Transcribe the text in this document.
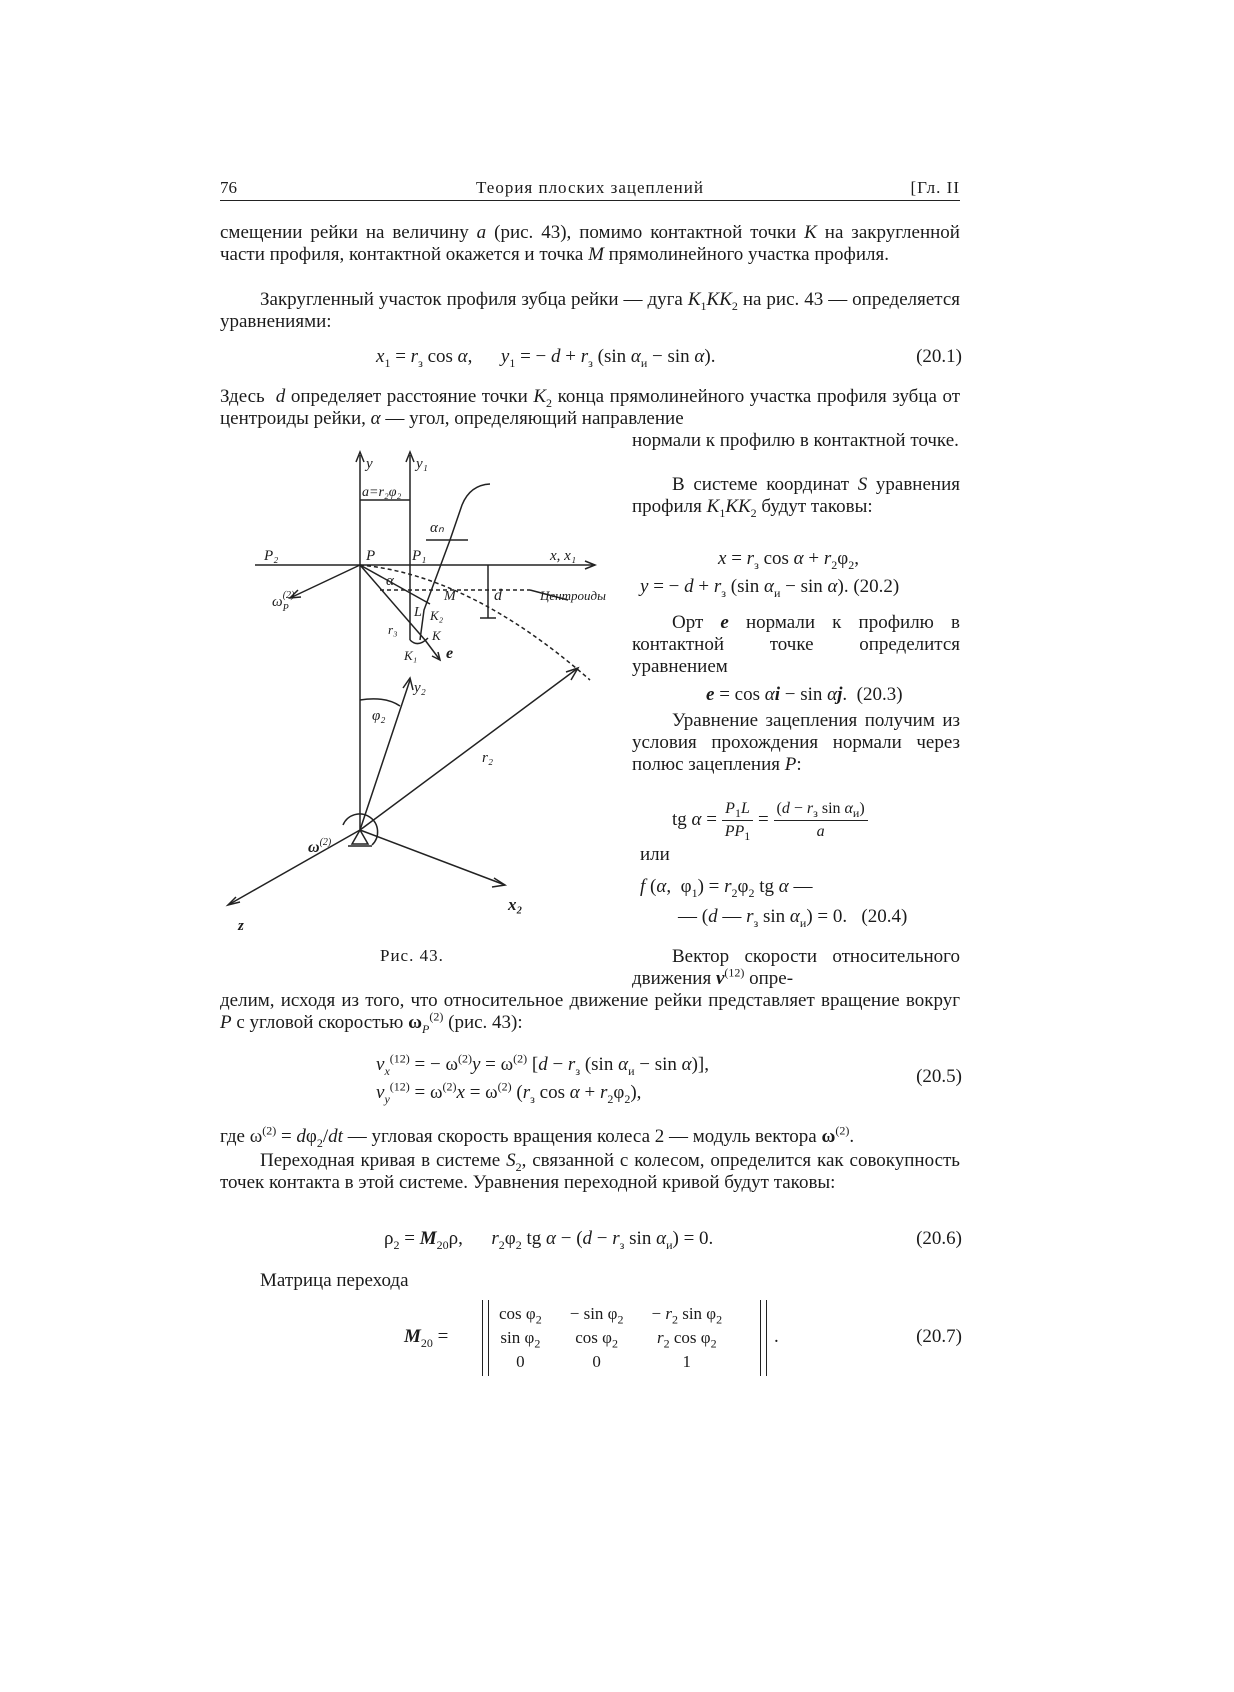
76	Теория плоских зацеплений	[Гл. II
смещении рейки на величину a (рис. 43), помимо контактной точки K на закругленной части профиля, контактной окажется и точка M прямолинейного участка профиля.
Закругленный участок профиля зубца рейки — дуга $K_1KK_2$ на рис. 43 — определяется уравнениями:
$x_1 = r_з$ cos α,      $y_1$ = − $d + r_з$ (sin $\alpha_и - \sin \alpha$).	(20.1)
Здесь  d определяет расстояние точки $K_2$ конца прямолинейного участка профиля зубца от центроиды рейки, α — угол, определяющий направление
нормали к профилю в контактной точке.
В системе координат S уравнения профиля $K_1KK_2$ будут таковы:
$x = r_з$ $\cos \alpha + r_2\varphi_2$,
y = − $d + r_з$ (sin $\alpha_и - \sin \alpha$). (20.2)
Орт e нормали к профилю в контактной точке определится уравнением
e = cos αi − sin αj.  (20.3)
Уравнение зацепления получим из условия прохождения нормали через полюс зацепления P:
tg $\alpha = \frac{P_1L}{PP_1} = \frac{(d - r_з \sin \alpha_и)}{a}$
или
f (α,  $\varphi_1) = r_2\varphi_2$ tg α —
— (d — $r_з$ $\sin \alpha_и) = 0$.   (20.4)
Рис. 43.	Вектор скорости относительного движения $v^{(12)}$ опре-
делим, исходя из того, что относительное движение рейки представляет вращение вокруг P с угловой скоростью $\omega_P^{(2)}$ (рис. 43):
$v_x^{(12)}$ = − $\omega^{(2)}y = \omega^{(2)}$ [$d - r_з$ (sin $\alpha_и - \sin \alpha$)],
$v_y^{(12)} = \omega^{(2)}x = \omega^{(2)}$ ($r_з$ $\cos \alpha + r_2\varphi_2$),
(20.5)
где $\omega^{(2)} = d\varphi_2/dt$ — угловая скорость вращения колеса 2 — модуль вектора $\omega^{(2)}$.
Переходная кривая в системе $S_2$, связанной с колесом, определится как совокупность точек контакта в этой системе. Уравнения переходной кривой будут таковы:
$\rho_2 = M_{20}\rho$,      $r_2\varphi_2$ tg $\alpha - (d - r_з$ $\sin \alpha_и) = 0$.	(20.6)
Матрица перехода
$M_{20}$ =
$\cos \varphi_2$	− $\sin \varphi_2$	− $r_2$ $\sin \varphi_2$
$\sin \varphi_2$	$\cos \varphi_2$	$r_2$ $\cos \varphi_2$
0	0	1
.	(20.7)
y	y₁
a=r₂φ₂
αₙ
P₂	P P₁	x, x₁
α
M d	Центроиды
$\omega_P(2)$
L K₂
r₃	K
K₁ e
y₂
φ₂
r₂
$\omega^{(2)}$
x₂
z
